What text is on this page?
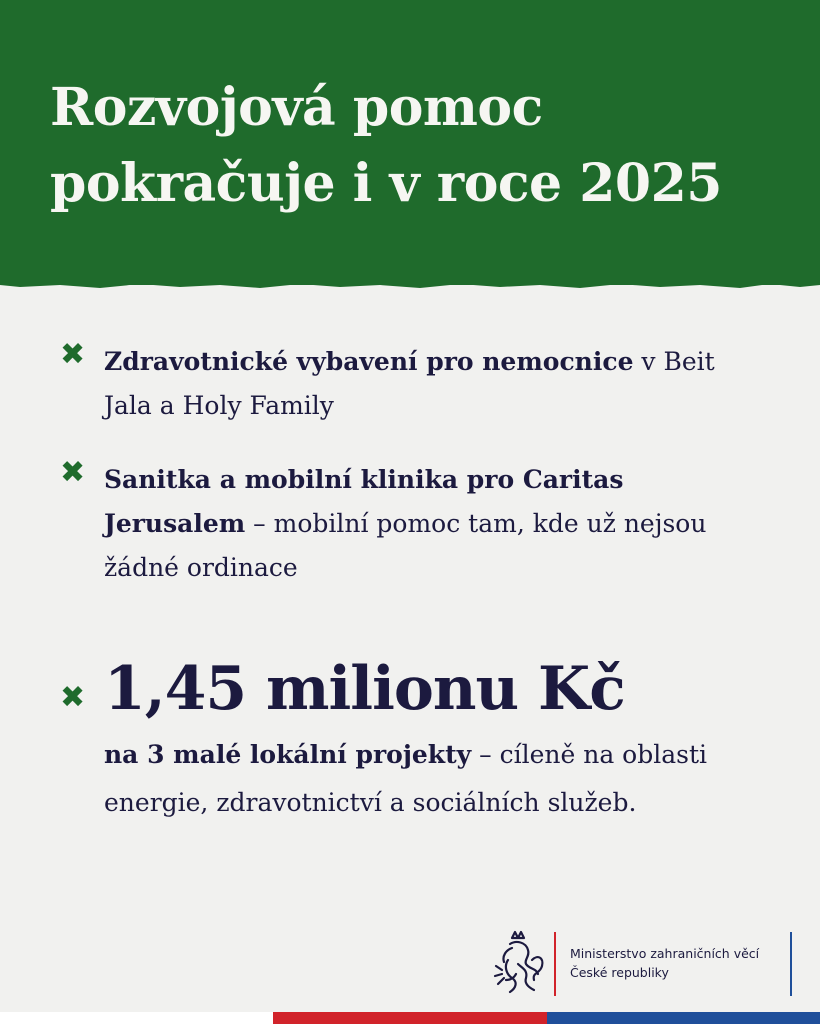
Rozvojová pomoc
pokračuje i v roce 2025
✖ Zdravotnické vybavení pro nemocnice v Beit Jala a Holy Family
✖ Sanitka a mobilní klinika pro Caritas Jerusalem – mobilní pomoc tam, kde už nejsou žádné ordinace
✖ 1,45 milionu Kč
na 3 malé lokální projekty – cíleně na oblasti energie, zdravotnictví a sociálních služeb.
Ministerstvo zahraničních věcí
České republiky
